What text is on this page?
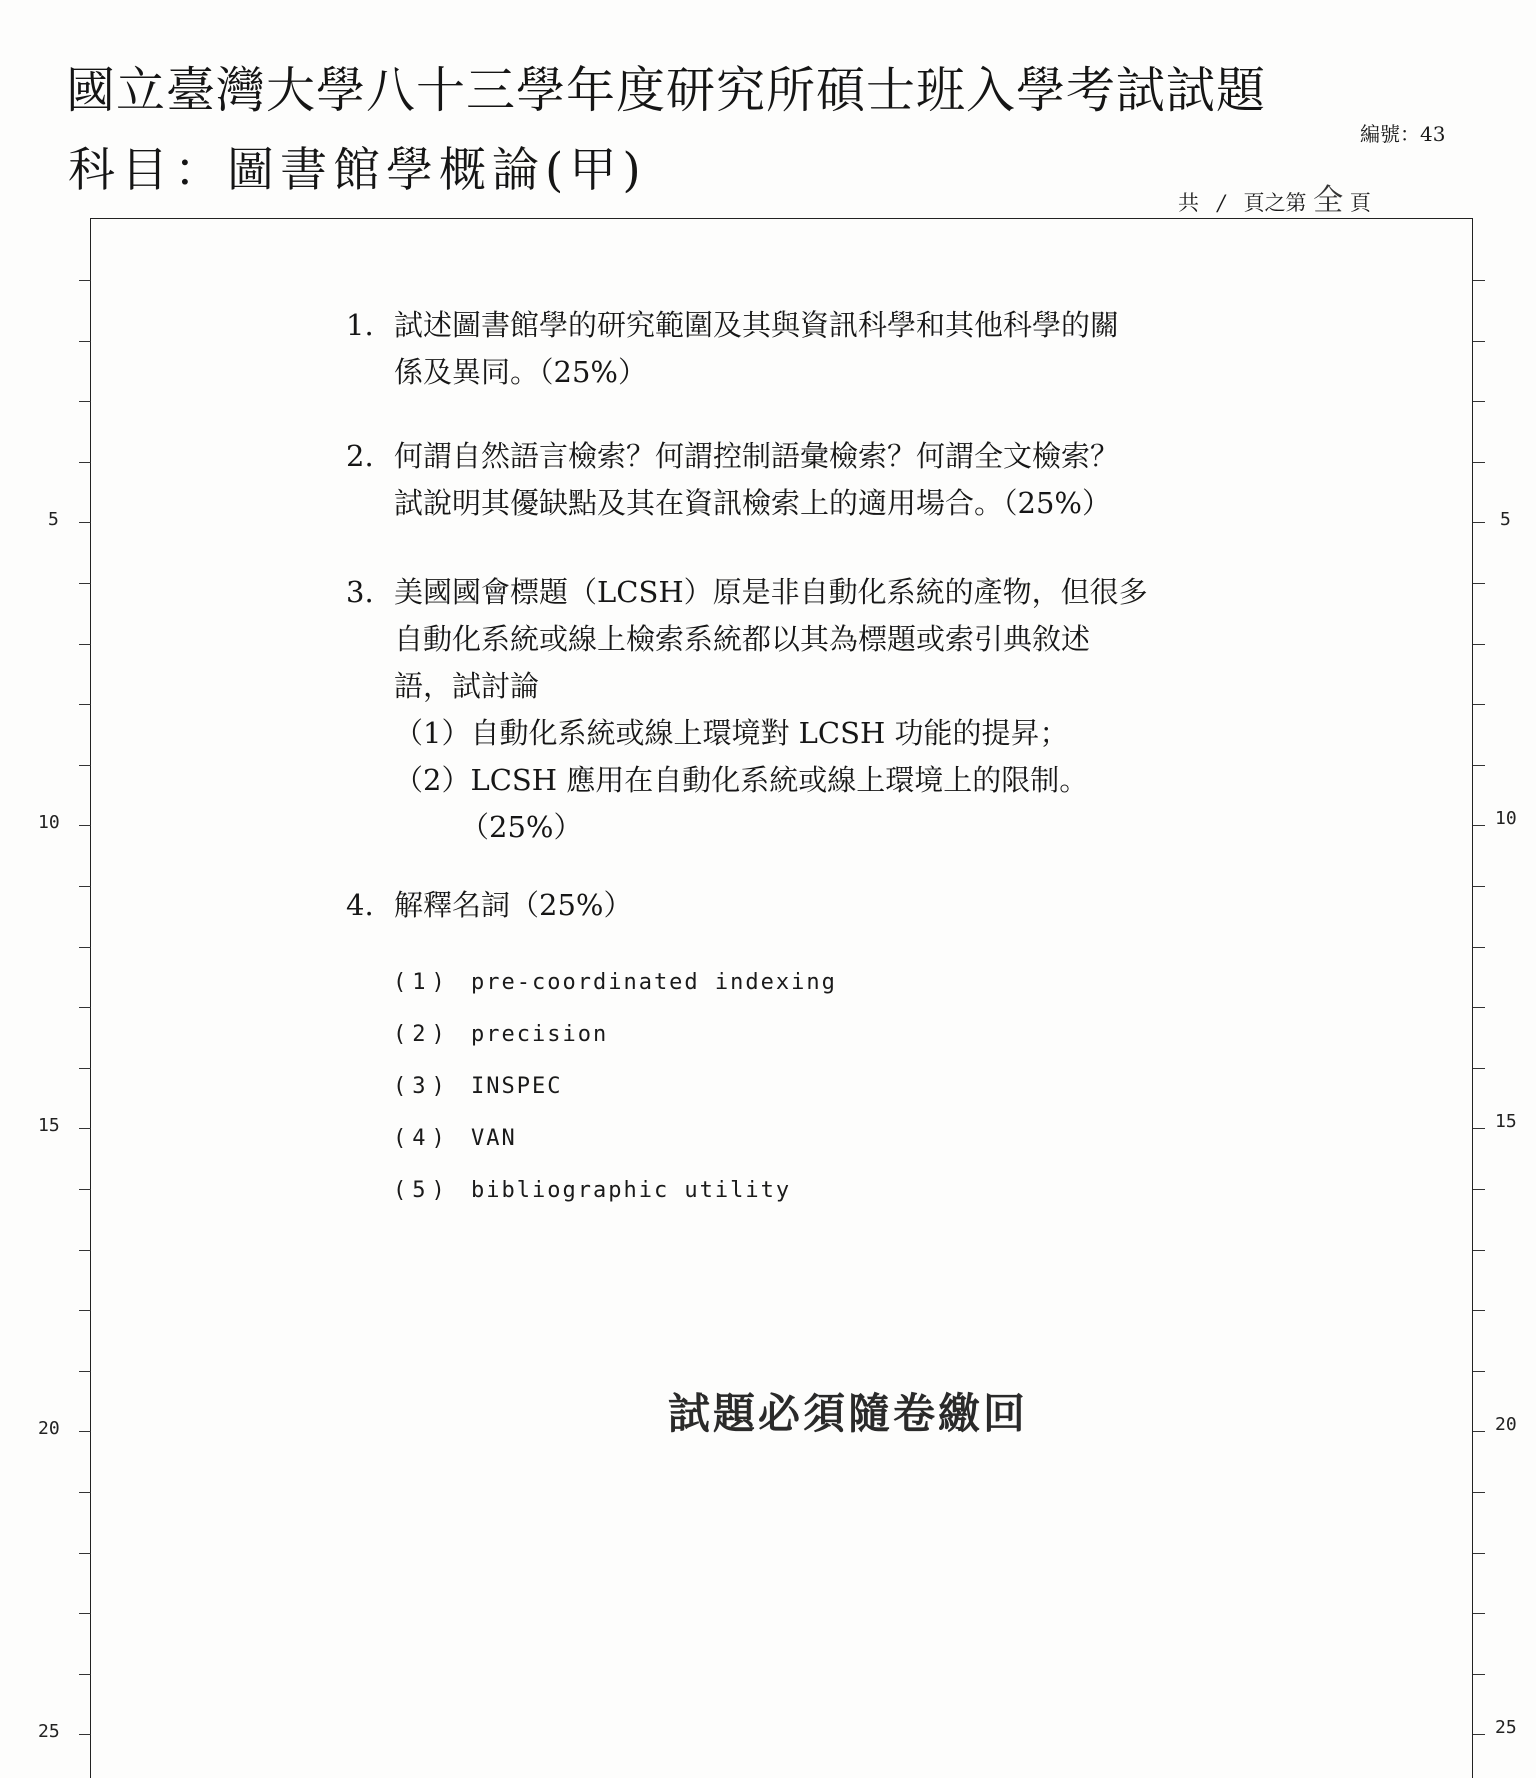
國立臺灣大學八十三學年度研究所碩士班入學考試試題
科目：圖書館學概論(甲)
編號：43
共 / 頁之第 全 頁
5
10
15
20
25
5
10
15
20
25
1. 試述圖書館學的研究範圍及其與資訊科學和其他科學的關
係及異同。（25%）
2. 何謂自然語言檢索？何謂控制語彙檢索？何謂全文檢索？
試說明其優缺點及其在資訊檢索上的適用場合。（25%）
3. 美國國會標題（LCSH）原是非自動化系統的產物，但很多
自動化系統或線上檢索系統都以其為標題或索引典敘述
語，試討論
（1）自動化系統或線上環境對 LCSH 功能的提昇；
（2）LCSH 應用在自動化系統或線上環境上的限制。
（25%）
4. 解釋名詞（25%）
(1) pre-coordinated indexing
(2) precision
(3) INSPEC
(4) VAN
(5) bibliographic utility
試題必須隨卷繳回
